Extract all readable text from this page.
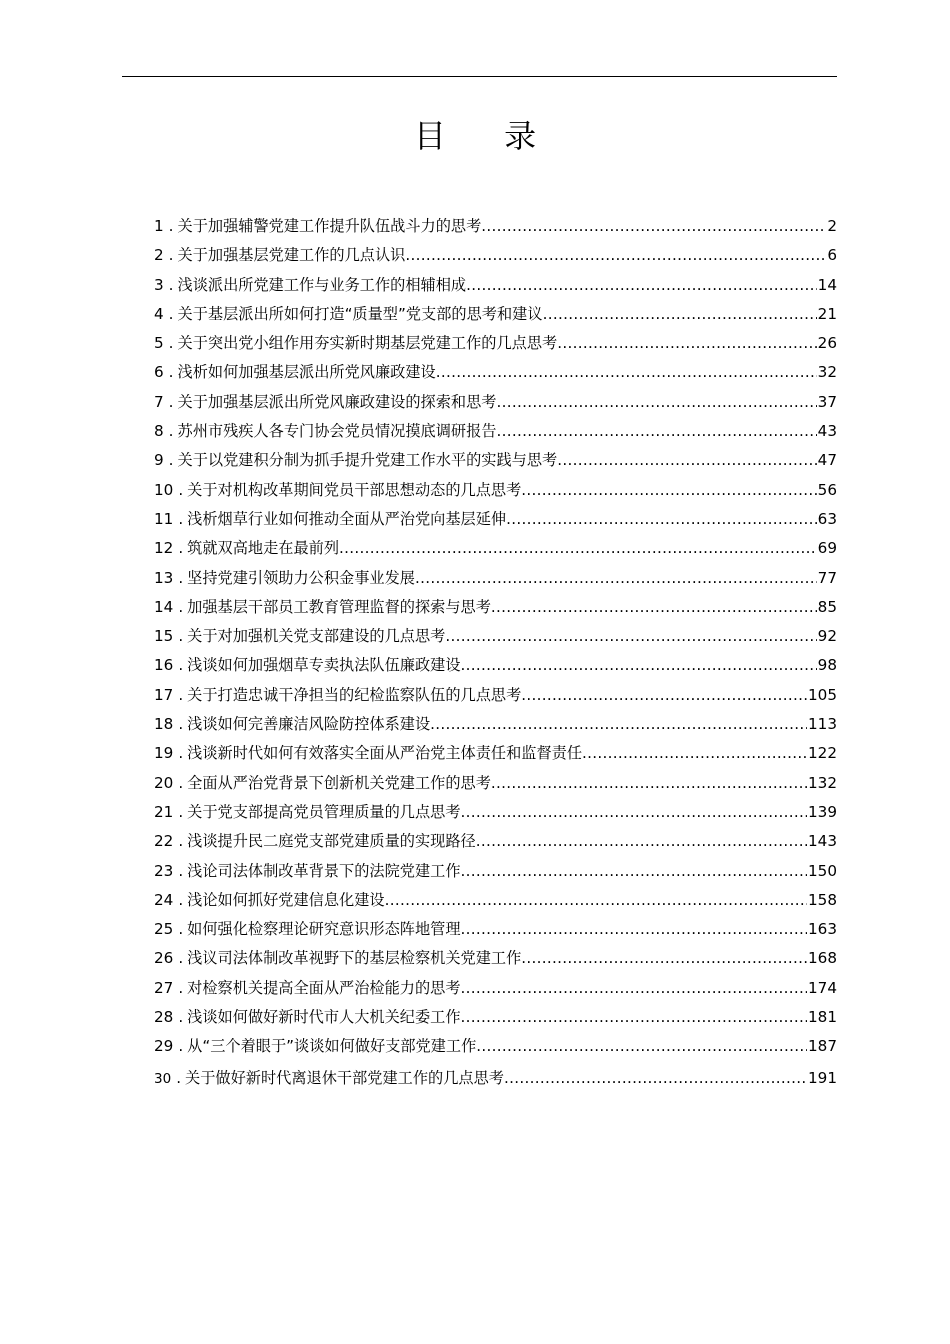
目 录
1 . 关于加强辅警党建工作提升队伍战斗力的思考 .....	2
2 . 关于加强基层党建工作的几点认识 .....	6
3 . 浅谈派出所党建工作与业务工作的相辅相成 .....	14
4 . 关于基层派出所如何打造“质量型”党支部的思考和建议 .....	21
5 . 关于突出党小组作用夯实新时期基层党建工作的几点思考 .....	26
6 . 浅析如何加强基层派出所党风廉政建设 .....	32
7 . 关于加强基层派出所党风廉政建设的探索和思考 .....	37
8 . 苏州市残疾人各专门协会党员情况摸底调研报告 .....	43
9 . 关于以党建积分制为抓手提升党建工作水平的实践与思考 .....	47
10 . 关于对机构改革期间党员干部思想动态的几点思考 .....	56
11 . 浅析烟草行业如何推动全面从严治党向基层延伸 .....	63
12 . 筑就双高地走在最前列 .....	69
13 . 坚持党建引领助力公积金事业发展 .....	77
14 . 加强基层干部员工教育管理监督的探索与思考 .....	85
15 . 关于对加强机关党支部建设的几点思考 .....	92
16 . 浅谈如何加强烟草专卖执法队伍廉政建设 .....	98
17 . 关于打造忠诚干净担当的纪检监察队伍的几点思考 .....	105
18 . 浅谈如何完善廉洁风险防控体系建设 .....	113
19 . 浅谈新时代如何有效落实全面从严治党主体责任和监督责任 .....	122
20 . 全面从严治党背景下创新机关党建工作的思考 .....	132
21 . 关于党支部提高党员管理质量的几点思考 .....	139
22 . 浅谈提升民二庭党支部党建质量的实现路径 .....	143
23 . 浅论司法体制改革背景下的法院党建工作 .....	150
24 . 浅论如何抓好党建信息化建设 .....	158
25 . 如何强化检察理论研究意识形态阵地管理 .....	163
26 . 浅议司法体制改革视野下的基层检察机关党建工作 .....	168
27 . 对检察机关提高全面从严治检能力的思考 .....	174
28 . 浅谈如何做好新时代市人大机关纪委工作 .....	181
29 . 从“三个着眼于”谈谈如何做好支部党建工作 .....	187
30 . 关于做好新时代离退休干部党建工作的几点思考 .....	191
